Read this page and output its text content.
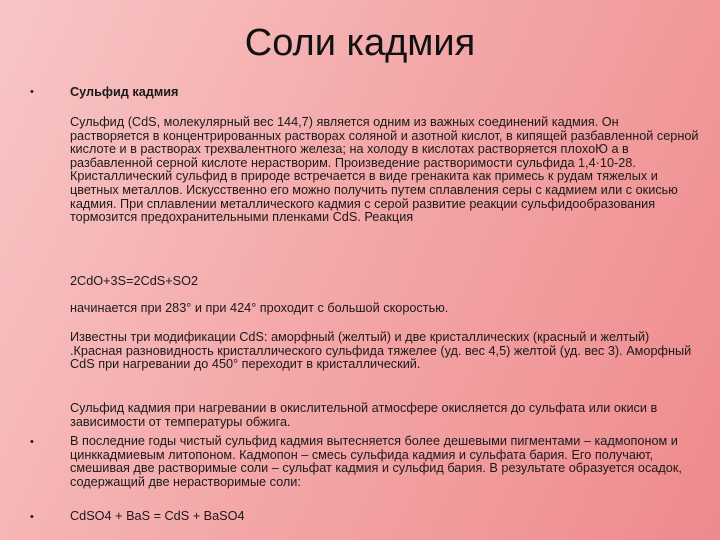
Соли кадмия
•	Сульфид кадмия
Сульфид (CdS, молекулярный вес 144,7) является одним из важных соединений кадмия. Он растворяется в концентрированных растворах соляной и азотной кислот, в кипящей разбавленной серной кислоте и в растворах трехвалентного железа; на холоду в кислотах растворяется плохоЮ а в разбавленной серной кислоте нерастворим. Произведение растворимости сульфида 1,4·10-28. Кристаллический сульфид в природе встречается в виде гренакита как примесь к рудам тяжелых и цветных металлов. Искусственно его можно получить путем сплавления серы с кадмием или с окисью кадмия. При сплавлении металлического кадмия с серой развитие реакции сульфидообразования тормозится предохранительными пленками CdS. Реакция
2CdO+3S=2CdS+SO2
начинается при 283° и при 424° проходит с большой скоростью.
Известны три модификации CdS: аморфный (желтый) и две кристаллических (красный и желтый) .Красная разновидность кристаллического сульфида тяжелее (уд. вес 4,5) желтой (уд. вес 3). Амoрфный CdS при нагревании до 450° переходит в кристаллический.
Сульфид кадмия при нагревании в окислительной атмосфере окисляется до сульфата или окиси в зависимости от температуры обжига.
•	В последние годы чистый сульфид кадмия вытесняется более дешевыми пигментами – кадмопоном и цинккадмиевым литопоном. Кадмопон – смесь сульфида кадмия и сульфата бария. Его получают, смешивая две растворимые соли – сульфат кадмия и сульфид бария. В результате образуется осадок, содержащий две нерастворимые соли:
•	CdSO4 + BaS = CdS + BaSO4
